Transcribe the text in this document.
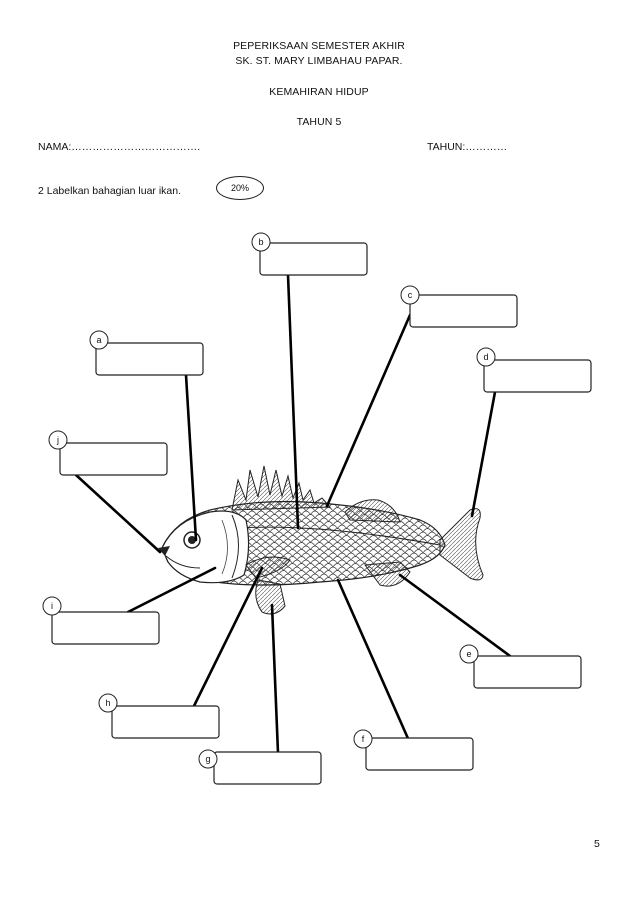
PEPERIKSAAN SEMESTER AKHIR
SK. ST. MARY LIMBAHAU PAPAR.
KEMAHIRAN HIDUP
TAHUN 5
NAMA:……………………………….	TAHUN:…………
2 Labelkan bahagian luar ikan.	20%
a
b
c
d
j
i
e
h
f
g
5
